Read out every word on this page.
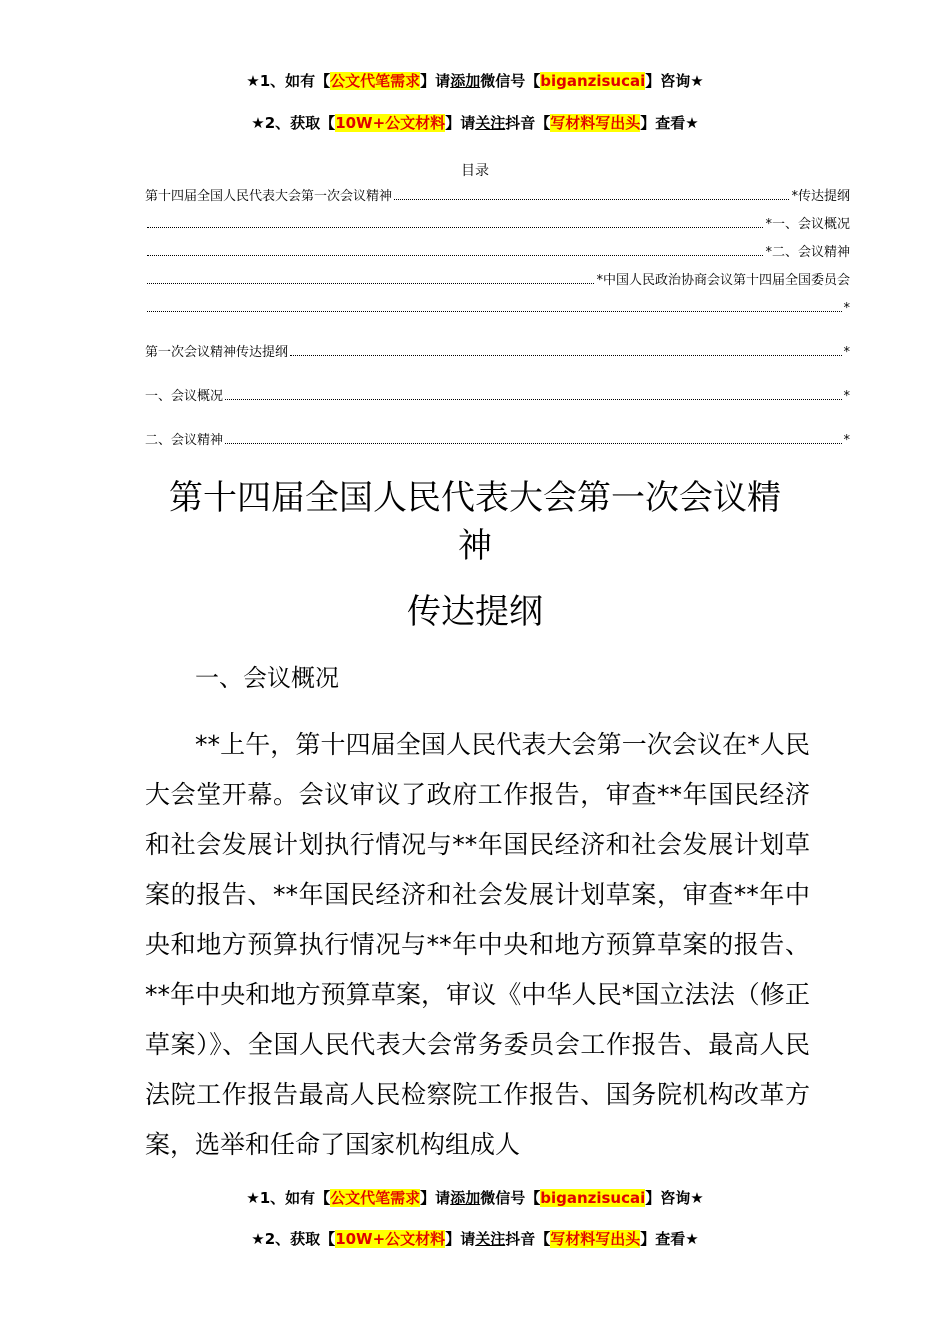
★1、如有【公文代笔需求】请添加微信号【biganzisucai】咨询★
★2、获取【10W+公文材料】请关注抖音【写材料写出头】查看★
目录
第十四届全国人民代表大会第一次会议精神	*传达提纲
*一、会议概况
*二、会议精神
*中国人民政治协商会议第十四届全国委员会
*
第一次会议精神传达提纲	*
一、会议概况	*
二、会议精神	*
第十四届全国人民代表大会第一次会议精
神
传达提纲
一、会议概况

**上午，第十四届全国人民代表大会第一次会议在*人民大会堂开幕。会议审议了政府工作报告，审查**年国民经济和社会发展计划执行情况与**年国民经济和社会发展计划草案的报告、**年国民经济和社会发展计划草案，审查**年中央和地方预算执行情况与**年中央和地方预算草案的报告、**年中央和地方预算草案，审议《中华人民*国立法法（修正草案）》、全国人民代表大会常务委员会工作报告、最高人民法院工作报告最高人民检察院工作报告、国务院机构改革方案，选举和任命了国家机构组成人

★1、如有【公文代笔需求】请添加微信号【biganzisucai】咨询★
★2、获取【10W+公文材料】请关注抖音【写材料写出头】查看★
